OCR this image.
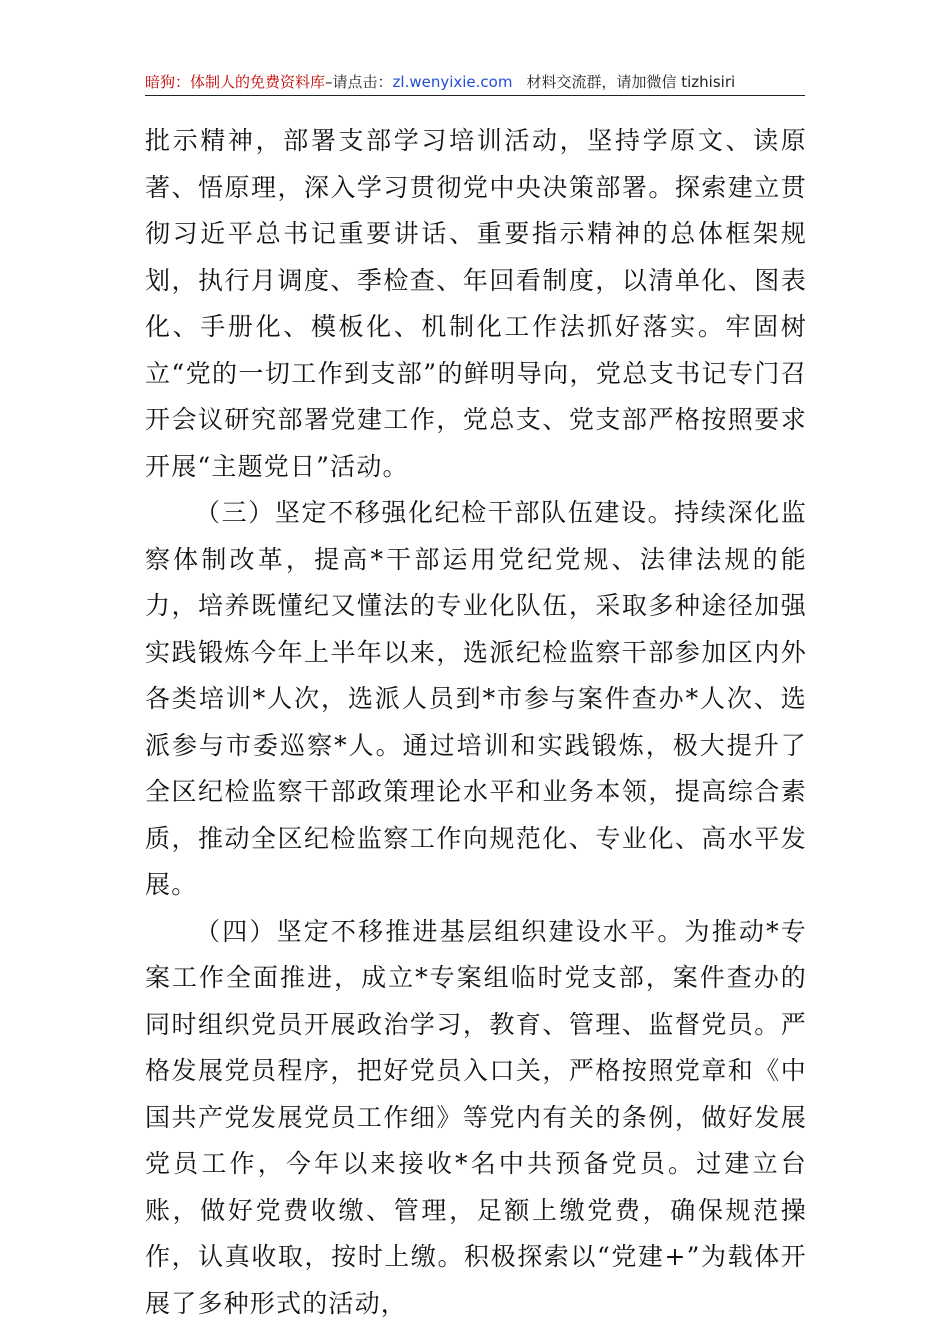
暗狗：体制人的免费资料库–请点击：zl.wenyixie.com 材料交流群，请加微信 tizhisiri

批示精神，部署支部学习培训活动，坚持学原文、读原著、悟原理，深入学习贯彻党中央决策部署。探索建立贯彻习近平总书记重要讲话、重要指示精神的总体框架规划，执行月调度、季检查、年回看制度，以清单化、图表化、手册化、模板化、机制化工作法抓好落实。牢固树立“党的一切工作到支部”的鲜明导向，党总支书记专门召开会议研究部署党建工作，党总支、党支部严格按照要求开展“主题党日”活动。

（三）坚定不移强化纪检干部队伍建设。持续深化监察体制改革，提高*干部运用党纪党规、法律法规的能力，培养既懂纪又懂法的专业化队伍，采取多种途径加强实践锻炼今年上半年以来，选派纪检监察干部参加区内外各类培训*人次，选派人员到*市参与案件查办*人次、选派参与市委巡察*人。通过培训和实践锻炼，极大提升了全区纪检监察干部政策理论水平和业务本领，提高综合素质，推动全区纪检监察工作向规范化、专业化、高水平发展。

（四）坚定不移推进基层组织建设水平。为推动*专案工作全面推进，成立*专案组临时党支部，案件查办的同时组织党员开展政治学习，教育、管理、监督党员。严格发展党员程序，把好党员入口关，严格按照党章和《中国共产党发展党员工作细》等党内有关的条例，做好发展党员工作，今年以来接收*名中共预备党员。过建立台账，做好党费收缴、管理，足额上缴党费，确保规范操作，认真收取，按时上缴。积极探索以“党建+”为载体开展了多种形式的活动，
